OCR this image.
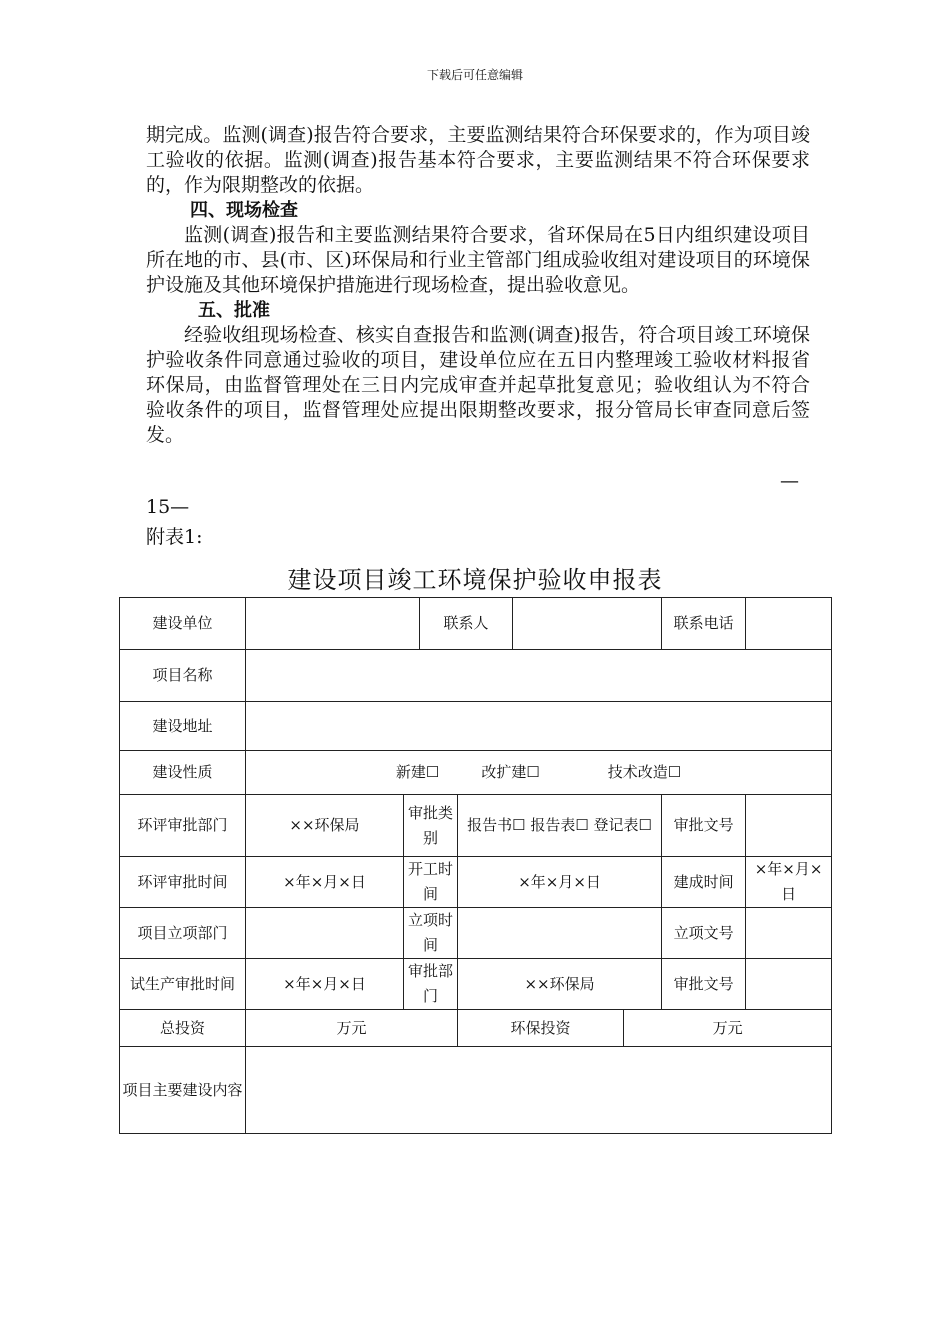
下载后可任意编辑

期完成。监测(调查)报告符合要求，主要监测结果符合环保要求的，作为项目竣工验收的依据。监测(调查)报告基本符合要求，主要监测结果不符合环保要求的，作为限期整改的依据。

四、现场检查

监测(调查)报告和主要监测结果符合要求，省环保局在5日内组织建设项目所在地的市、县(市、区)环保局和行业主管部门组成验收组对建设项目的环境保护设施及其他环境保护措施进行现场检查，提出验收意见。

五、批准

经验收组现场检查、核实自查报告和监测(调查)报告，符合项目竣工环境保护验收条件同意通过验收的项目，建设单位应在五日内整理竣工验收材料报省环保局，由监督管理处在三日内完成审查并起草批复意见；验收组认为不符合验收条件的项目，监督管理处应提出限期整改要求，报分管局长审查同意后签发。

—
15—
附表1:
建设项目竣工环境保护验收申报表
建设单位			联系人				联系电话	
项目名称								
建设地址								
建设性质	新建☐ 改扩建☐ 技术改造☐							
环评审批部门	××环保局	审批类别		报告书☐ 报告表☐ 登记表☐			审批文号	
环评审批时间	×年×月×日	开工时间		×年×月×日			建成时间	×年×月×日
项目立项部门		立项时间					立项文号	
试生产审批时间	×年×月×日	审批部门		××环保局			审批文号	
总投资	万元			环保投资		万元		
项目主要建设内容								
